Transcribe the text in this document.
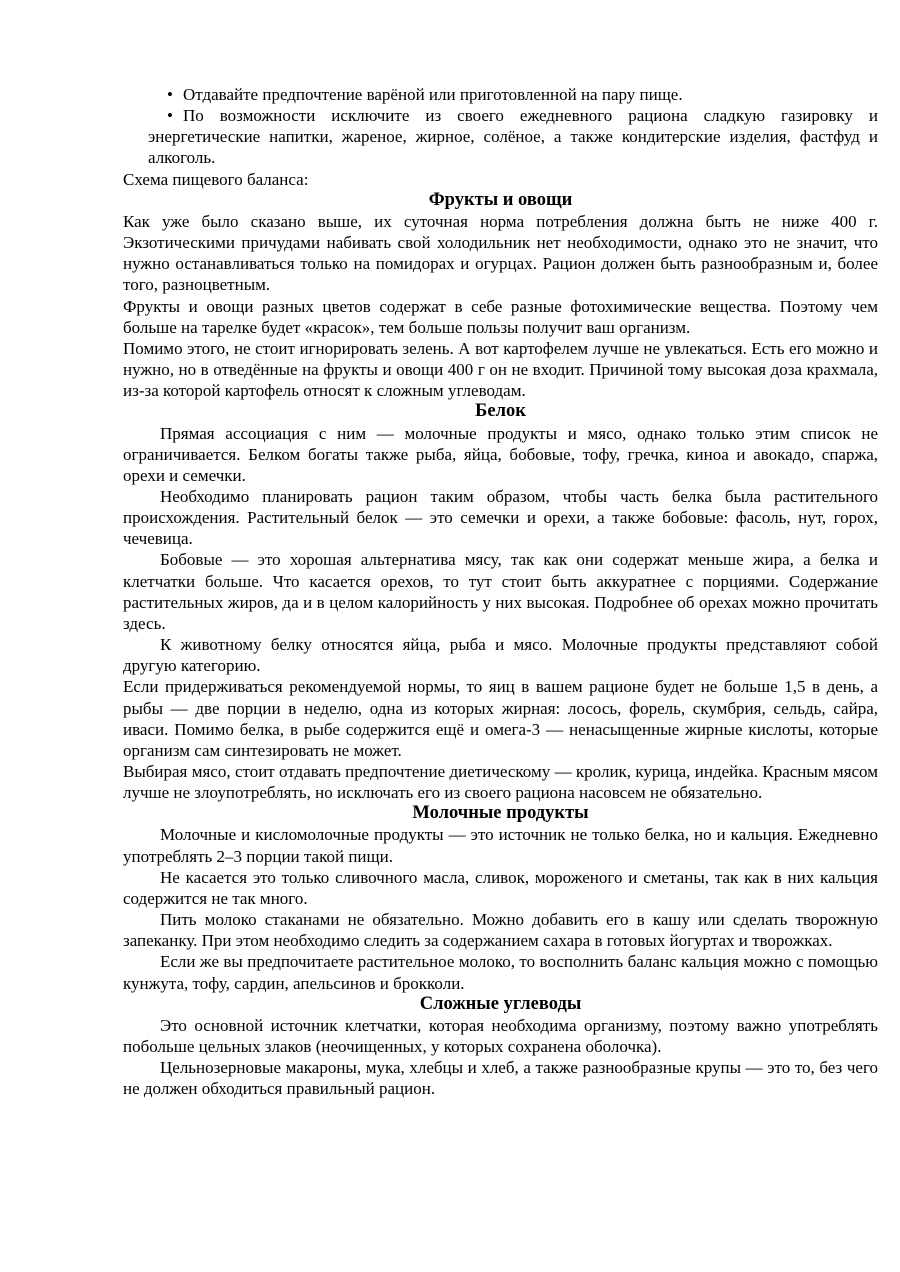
• Отдавайте предпочтение варёной или приготовленной на пару пище.
• По возможности исключите из своего ежедневного рациона сладкую газировку и энергетические напитки, жареное, жирное, солёное, а также кондитерские изделия, фастфуд и алкоголь.

Схема пищевого баланса:

Фрукты и овощи

Как уже было сказано выше, их суточная норма потребления должна быть не ниже 400 г. Экзотическими причудами набивать свой холодильник нет необходимости, однако это не значит, что нужно останавливаться только на помидорах и огурцах. Рацион должен быть разнообразным и, более того, разноцветным.

Фрукты и овощи разных цветов содержат в себе разные фотохимические вещества. Поэтому чем больше на тарелке будет «красок», тем больше пользы получит ваш организм.

Помимо этого, не стоит игнорировать зелень. А вот картофелем лучше не увлекаться. Есть его можно и нужно, но в отведённые на фрукты и овощи 400 г он не входит. Причиной тому высокая доза крахмала, из-за которой картофель относят к сложным углеводам.

Белок

Прямая ассоциация с ним — молочные продукты и мясо, однако только этим список не ограничивается. Белком богаты также рыба, яйца, бобовые, тофу, гречка, киноа и авокадо, спаржа, орехи и семечки.

Необходимо планировать рацион таким образом, чтобы часть белка была растительного происхождения. Растительный белок — это семечки и орехи, а также бобовые: фасоль, нут, горох, чечевица.

Бобовые — это хорошая альтернатива мясу, так как они содержат меньше жира, а белка и клетчатки больше. Что касается орехов, то тут стоит быть аккуратнее с порциями. Содержание растительных жиров, да и в целом калорийность у них высокая. Подробнее об орехах можно прочитать здесь.

К животному белку относятся яйца, рыба и мясо. Молочные продукты представляют собой другую категорию.

Если придерживаться рекомендуемой нормы, то яиц в вашем рационе будет не больше 1,5 в день, а рыбы — две порции в неделю, одна из которых жирная: лосось, форель, скумбрия, сельдь, сайра, иваси. Помимо белка, в рыбе содержится ещё и омега-3 — ненасыщенные жирные кислоты, которые организм сам синтезировать не может.

Выбирая мясо, стоит отдавать предпочтение диетическому — кролик, курица, индейка. Красным мясом лучше не злоупотреблять, но исключать его из своего рациона насовсем не обязательно.

Молочные продукты

Молочные и кисломолочные продукты — это источник не только белка, но и кальция. Ежедневно употреблять 2–3 порции такой пищи.

Не касается это только сливочного масла, сливок, мороженого и сметаны, так как в них кальция содержится не так много.

Пить молоко стаканами не обязательно. Можно добавить его в кашу или сделать творожную запеканку. При этом необходимо следить за содержанием сахара в готовых йогуртах и творожках.

Если же вы предпочитаете растительное молоко, то восполнить баланс кальция можно с помощью кунжута, тофу, сардин, апельсинов и брокколи.

Сложные углеводы

Это основной источник клетчатки, которая необходима организму, поэтому важно употреблять побольше цельных злаков (неочищенных, у которых сохранена оболочка).

Цельнозерновые макароны, мука, хлебцы и хлеб, а также разнообразные крупы — это то, без чего не должен обходиться правильный рацион.
